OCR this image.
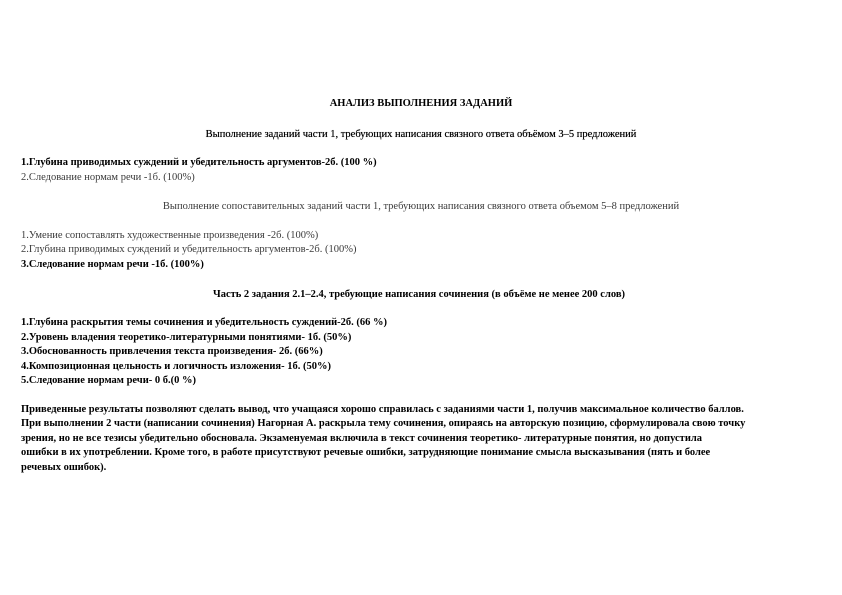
АНАЛИЗ ВЫПОЛНЕНИЯ ЗАДАНИЙ
Выполнение заданий части 1, требующих написания связного ответа объёмом 3–5 предложений
1.Глубина приводимых суждений и убедительность аргументов-2б. (100 %)
2.Следование нормам речи -1б. (100%)
Выполнение сопоставительных заданий части 1, требующих написания связного ответа объемом 5–8 предложений
1.Умение сопоставлять художественные произведения -2б. (100%)
2.Глубина приводимых суждений и убедительность аргументов-2б. (100%)
3.Следование нормам речи -1б. (100%)
Часть 2 задания 2.1–2.4, требующие написания сочинения (в объёме не менее 200 слов)
1.Глубина раскрытия темы сочинения и убедительность суждений-2б. (66 %)
2.Уровень владения теоретико-литературными понятиями- 1б. (50%)
3.Обоснованность привлечения текста произведения- 2б. (66%)
4.Композиционная цельность и логичность изложения- 1б. (50%)
5.Следование нормам речи- 0 б.(0 %)
Приведенные результаты позволяют сделать вывод, что учащаяся хорошо справилась с заданиями части 1, получив максимальное количество баллов.
При выполнении 2 части (написании сочинения) Нагорная А. раскрыла тему сочинения, опираясь на авторскую позицию, сформулировала свою точку
зрения, но не все тезисы убедительно обосновала. Экзаменуемая включила в текст сочинения теоретико- литературные понятия, но допустила
ошибки в их употреблении. Кроме того, в работе присутствуют речевые ошибки, затрудняющие понимание смысла высказывания (пять и более
речевых ошибок).
